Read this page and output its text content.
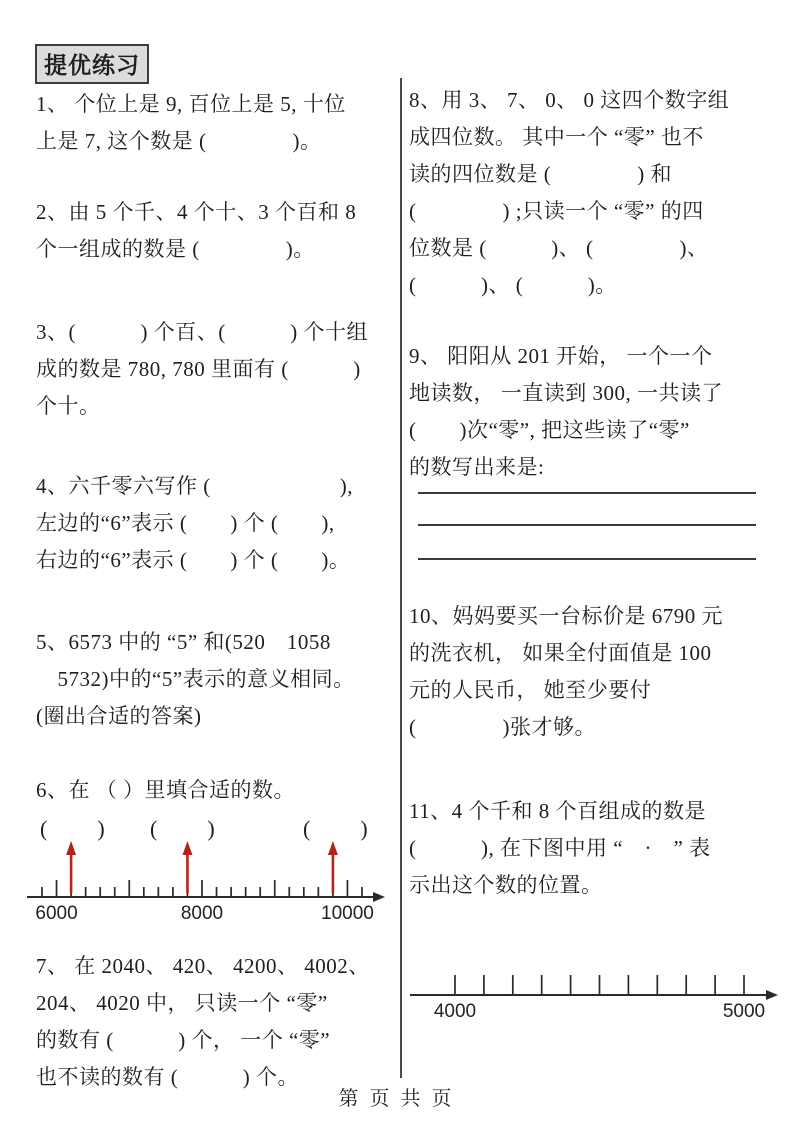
提优练习
1、 个位上是 9, 百位上是 5, 十位
上是 7, 这个数是 (　　　　)。
2、由 5 个千、4 个十、3 个百和 8
个一组成的数是 (　　　　)。
3、(　　　) 个百、(　　　) 个十组
成的数是 780, 780 里面有 (　　　)
个十。
4、六千零六写作 (　　　　　　),
左边的“6”表示 (　　) 个 (　　),
右边的“6”表示 (　　) 个 (　　)。
5、6573 中的 “5” 和(520　1058
　5732)中的“5”表示的意义相同。
(圈出合适的答案)
6、在 （ ）里填合适的数。
(　　) (　　)	(　　)
6000	8000	10000
7、 在 2040、 420、 4200、 4002、
204、 4020 中， 只读一个 “零”
的数有 (　　　) 个， 一个 “零”
也不读的数有 (　　　) 个。
8、用 3、 7、 0、 0 这四个数字组
成四位数。 其中一个 “零” 也不
读的四位数是 (　　　　) 和
(　　　　) ;只读一个 “零” 的四
位数是 (　　　)、 (　　　　)、
(　　　)、 (　　　)。
9、 阳阳从 201 开始， 一个一个
地读数， 一直读到 300, 一共读了
(　　)次“零”, 把这些读了“零”
的数写出来是:
10、妈妈要买一台标价是 6790 元
的洗衣机， 如果全付面值是 100
元的人民币， 她至少要付
(　　　　)张才够。
11、4 个千和 8 个百组成的数是
(　　　), 在下图中用 “　·　” 表
示出这个数的位置。
4000	5000
第 页 共 页
